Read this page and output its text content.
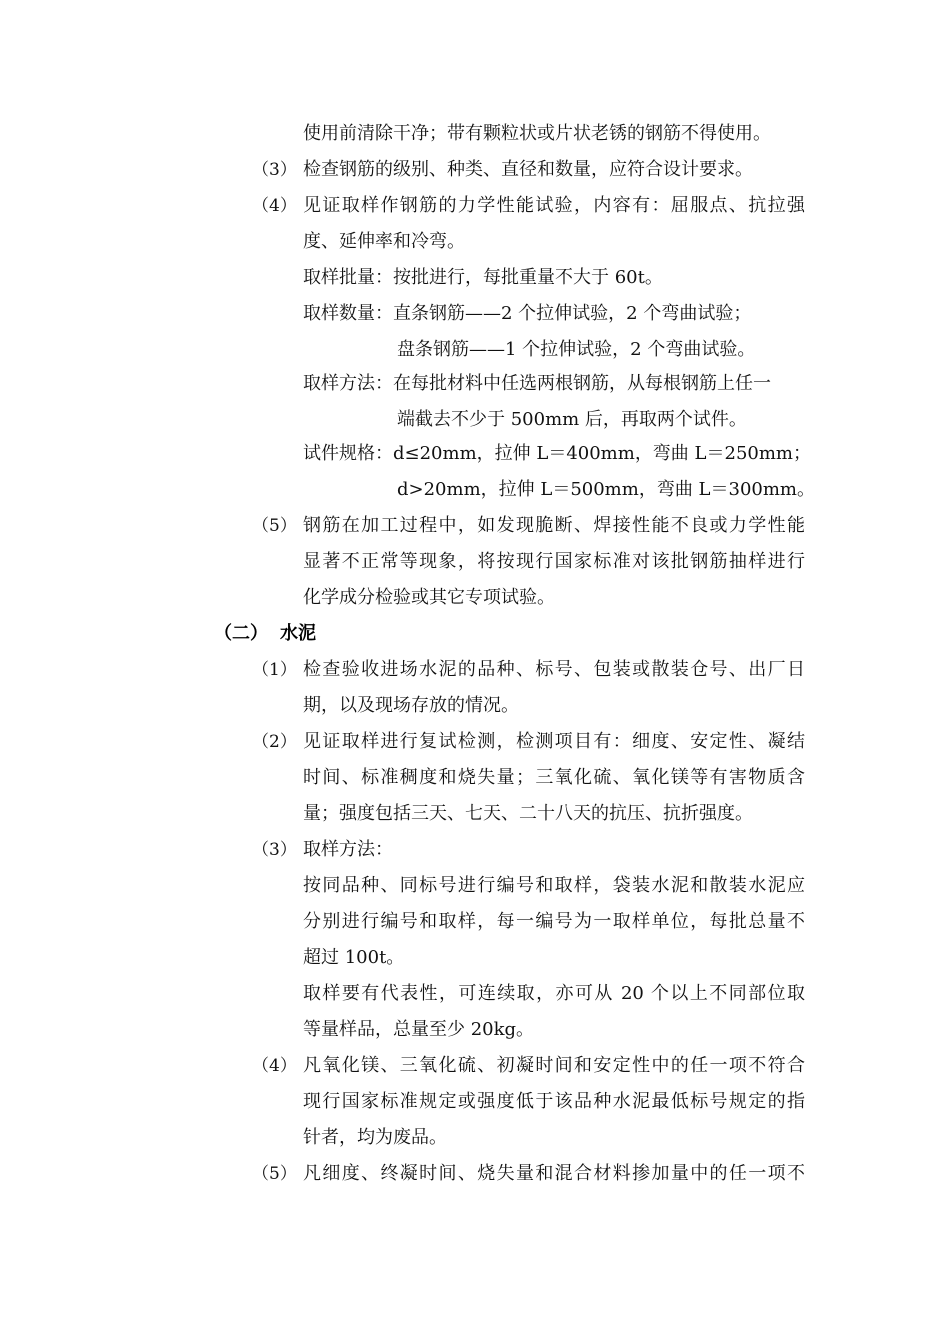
使用前清除干净；带有颗粒状或片状老锈的钢筋不得使用。
（3） 检查钢筋的级别、种类、直径和数量，应符合设计要求。
（4） 见证取样作钢筋的力学性能试验，内容有：屈服点、抗拉强
度、延伸率和冷弯。
取样批量：按批进行，每批重量不大于 60t。
取样数量：直条钢筋——2 个拉伸试验，2 个弯曲试验；
盘条钢筋——1 个拉伸试验，2 个弯曲试验。
取样方法：在每批材料中任选两根钢筋，从每根钢筋上任一
端截去不少于 500mm 后，再取两个试件。
试件规格：d≤20mm，拉伸 L＝400mm，弯曲 L＝250mm；
d>20mm，拉伸 L＝500mm，弯曲 L＝300mm。
（5） 钢筋在加工过程中，如发现脆断、焊接性能不良或力学性能
显著不正常等现象，将按现行国家标准对该批钢筋抽样进行
化学成分检验或其它专项试验。
（二） 水泥
（1） 检查验收进场水泥的品种、标号、包装或散装仓号、出厂日
期，以及现场存放的情况。
（2） 见证取样进行复试检测，检测项目有：细度、安定性、凝结
时间、标准稠度和烧失量；三氧化硫、氧化镁等有害物质含
量；强度包括三天、七天、二十八天的抗压、抗折强度。
（3） 取样方法：
按同品种、同标号进行编号和取样，袋装水泥和散装水泥应
分别进行编号和取样，每一编号为一取样单位，每批总量不
超过 100t。
取样要有代表性，可连续取，亦可从 20 个以上不同部位取
等量样品，总量至少 20kg。
（4） 凡氧化镁、三氧化硫、初凝时间和安定性中的任一项不符合
现行国家标准规定或强度低于该品种水泥最低标号规定的指
针者，均为废品。
（5） 凡细度、终凝时间、烧失量和混合材料掺加量中的任一项不
